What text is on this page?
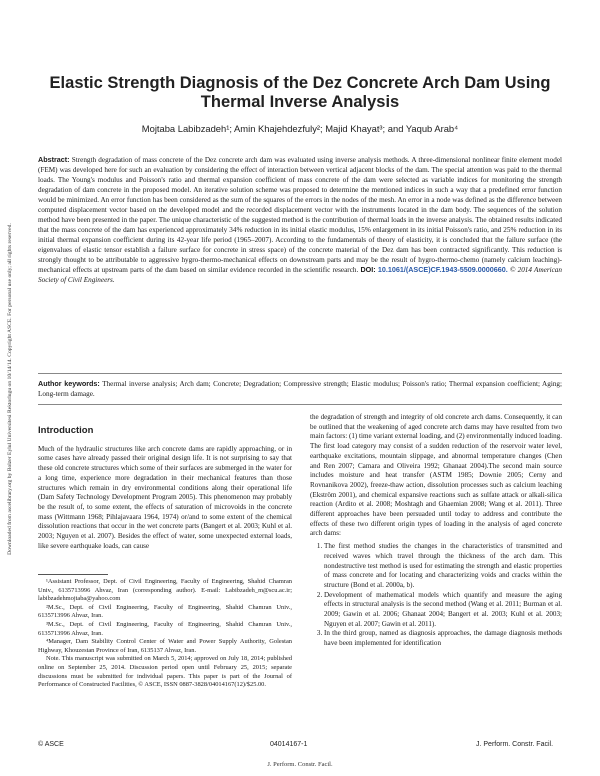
Downloaded from ascelibrary.org by Bolzer Eylul Universitesi Rektorlugu on 10/14/14. Copyright ASCE. For personal use only; all rights reserved.
Elastic Strength Diagnosis of the Dez Concrete Arch Dam Using Thermal Inverse Analysis
Mojtaba Labibzadeh¹; Amin Khajehdezfuly²; Majid Khayat³; and Yaqub Arab⁴
Abstract: Strength degradation of mass concrete of the Dez concrete arch dam was evaluated using inverse analysis methods. A three-dimensional nonlinear finite element model (FEM) was developed here for such an evaluation by considering the effect of interaction between vertical adjacent blocks of the dam. The special attention was paid to the thermal loads. The Young's modulus and Poisson's ratio and thermal expansion coefficient of mass concrete of the dam were selected as variable indices for monitoring the strength degradation of dam concrete in the proposed model. An iterative solution scheme was proposed to determine the mentioned indices in such a way that a predefined error function would be minimized. An error function has been considered as the sum of the squares of the errors in the nodes of the mesh. An error in a node was defined as the difference between computed displacement vector based on the developed model and the recorded displacement vector with the instruments located in the dam body. The sequences of the solution method have been presented in the paper. The unique characteristic of the suggested method is the contribution of thermal loads in the inverse analysis. The obtained results indicated that the mass concrete of the dam has experienced approximately 34% reduction in its initial elastic modulus, 15% enlargement in its initial Poisson's ratio, and 25% reduction in its initial thermal expansion coefficient during its 42-year life period (1965–2007). According to the fundamentals of theory of elasticity, it is concluded that the failure surface (the eigenvalues of elastic tensor establish a failure surface for concrete in stress space) of the concrete material of the Dez dam has been contracted significantly. This reduction is strongly thought to be attributable to aggressive hygro-thermo-mechanical effects on downstream parts and may be the result of hygro-thermo-chemo (namely calcium leaching)-mechanical effects at upstream parts of the dam based on similar evidence recorded in the scientific research. DOI: 10.1061/(ASCE)CF.1943-5509.0000660. © 2014 American Society of Civil Engineers.
Author keywords: Thermal inverse analysis; Arch dam; Concrete; Degradation; Compressive strength; Elastic modulus; Poisson's ratio; Thermal expansion coefficient; Aging; Long-term damage.
Introduction

Much of the hydraulic structures like arch concrete dams are rapidly approaching, or in some cases have already passed their original design life. It is not surprising to say that these old concrete structures which some of their surfaces are submerged in the water for a long time, experience more degradation in their mechanical features than those structures which remain in dry environmental conditions along their operational life (Dam Safety Technology Development Program 2005). This phenomenon may probably be the result of, to some extent, the effects of saturation of microvoids in the concrete mass (Wittmann 1968; Pihlajavaara 1964, 1974) or/and to some extent of the chemical dissolution reactions that occur in the wet concrete parts (Bangert et al. 2003; Kuhl et al. 2003; Nguyen et al. 2007). Besides the effect of water, some unexpected external loads, like severe earthquake loads, can cause

¹Assistant Professor, Dept. of Civil Engineering, Faculty of Engineering, Shahid Chamran Univ., 6135713996 Ahvaz, Iran (corresponding author). E-mail: Labibzadeh_m@scu.ac.ir; labibzadehmojtaba@yahoo.com

²M.Sc., Dept. of Civil Engineering, Faculty of Engineering, Shahid Chamran Univ., 6135713996 Ahvaz, Iran.

³M.Sc., Dept. of Civil Engineering, Faculty of Engineering, Shahid Chamran Univ., 6135713996 Ahvaz, Iran.

⁴Manager, Dam Stability Control Center of Water and Power Supply Authority, Golestan Highway, Khouzestan Province of Iran, 6135137 Ahvaz, Iran.

Note. This manuscript was submitted on March 5, 2014; approved on July 18, 2014; published online on September 25, 2014. Discussion period open until February 25, 2015; separate discussions must be submitted for individual papers. This paper is part of the Journal of Performance of Constructed Facilities, © ASCE, ISSN 0887-3828/04014167(12)/$25.00.

the degradation of strength and integrity of old concrete arch dams. Consequently, it can be outlined that the weakening of aged concrete arch dams may have resulted from two main factors: (1) time variant external loading, and (2) environmentally induced loading. The first load category may consist of a sudden reduction of the reservoir water level, earthquake excitations, mountain slippage, and abnormal temperature changes (Chen and Ren 2007; Camara and Oliveira 1992; Ghanaat 2004).The second main source includes moisture and heat transfer (ASTM 1985; Downie 2005; Cerny and Rovnanikova 2002), freeze-thaw action, dissolution processes such as calcium leaching (Ekström 2001), and chemical expansive reactions such as sulfate attack or alkali-silica reaction (Ardito et al. 2008; Moshtagh and Ghaemian 2008; Wang et al. 2011). Three different approaches have been persuaded until today to address and contribute the effects of these two different origin types of loading in the analysis of aged concrete arch dams:

1. The first method studies the changes in the characteristics of transmitted and received waves which travel through the thickness of the arch dam. This nondestructive test method is used for estimating the strength and elastic properties of mass concrete and for locating and characterizing voids and cracks within the structure (Bond et al. 2000a, b).
2. Development of mathematical models which quantify and measure the aging effects in structural analysis is the second method (Wang et al. 2011; Burman et al. 2009; Gawin et al. 2006; Ghanaat 2004; Bangert et al. 2003; Kuhl et al. 2003; Nguyen et al. 2007; Gawin et al. 2011).
3. In the third group, named as diagnosis approaches, the damage diagnosis methods have been implemented for identification
© ASCE	04014167-1	J. Perform. Constr. Facil.
J. Perform. Constr. Facil.
